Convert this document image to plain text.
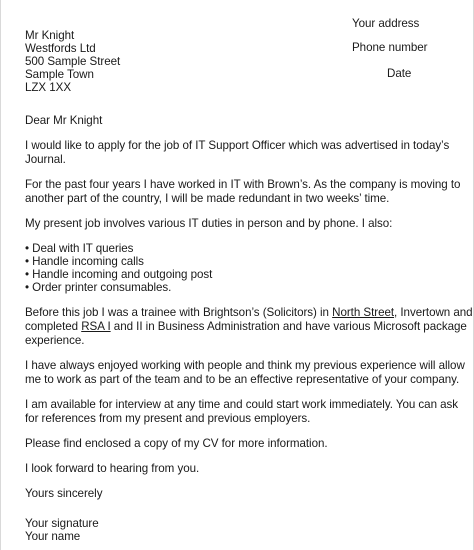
Your address
Phone number
Date
Mr Knight
Westfords Ltd
500 Sample Street
Sample Town
LZX 1XX
Dear Mr Knight
I would like to apply for the job of IT Support Officer which was advertised in today’s
Journal.
For the past four years I have worked in IT with Brown’s. As the company is moving to
another part of the country, I will be made redundant in two weeks’ time.
My present job involves various IT duties in person and by phone. I also:
• Deal with IT queries
• Handle incoming calls
• Handle incoming and outgoing post
• Order printer consumables.
Before this job I was a trainee with Brightson’s (Solicitors) in North Street, Invertown and
completed RSA I and II in Business Administration and have various Microsoft package
experience.
I have always enjoyed working with people and think my previous experience will allow
me to work as part of the team and to be an effective representative of your company.
I am available for interview at any time and could start work immediately. You can ask
for references from my present and previous employers.
Please find enclosed a copy of my CV for more information.
I look forward to hearing from you.
Yours sincerely
Your signature
Your name
